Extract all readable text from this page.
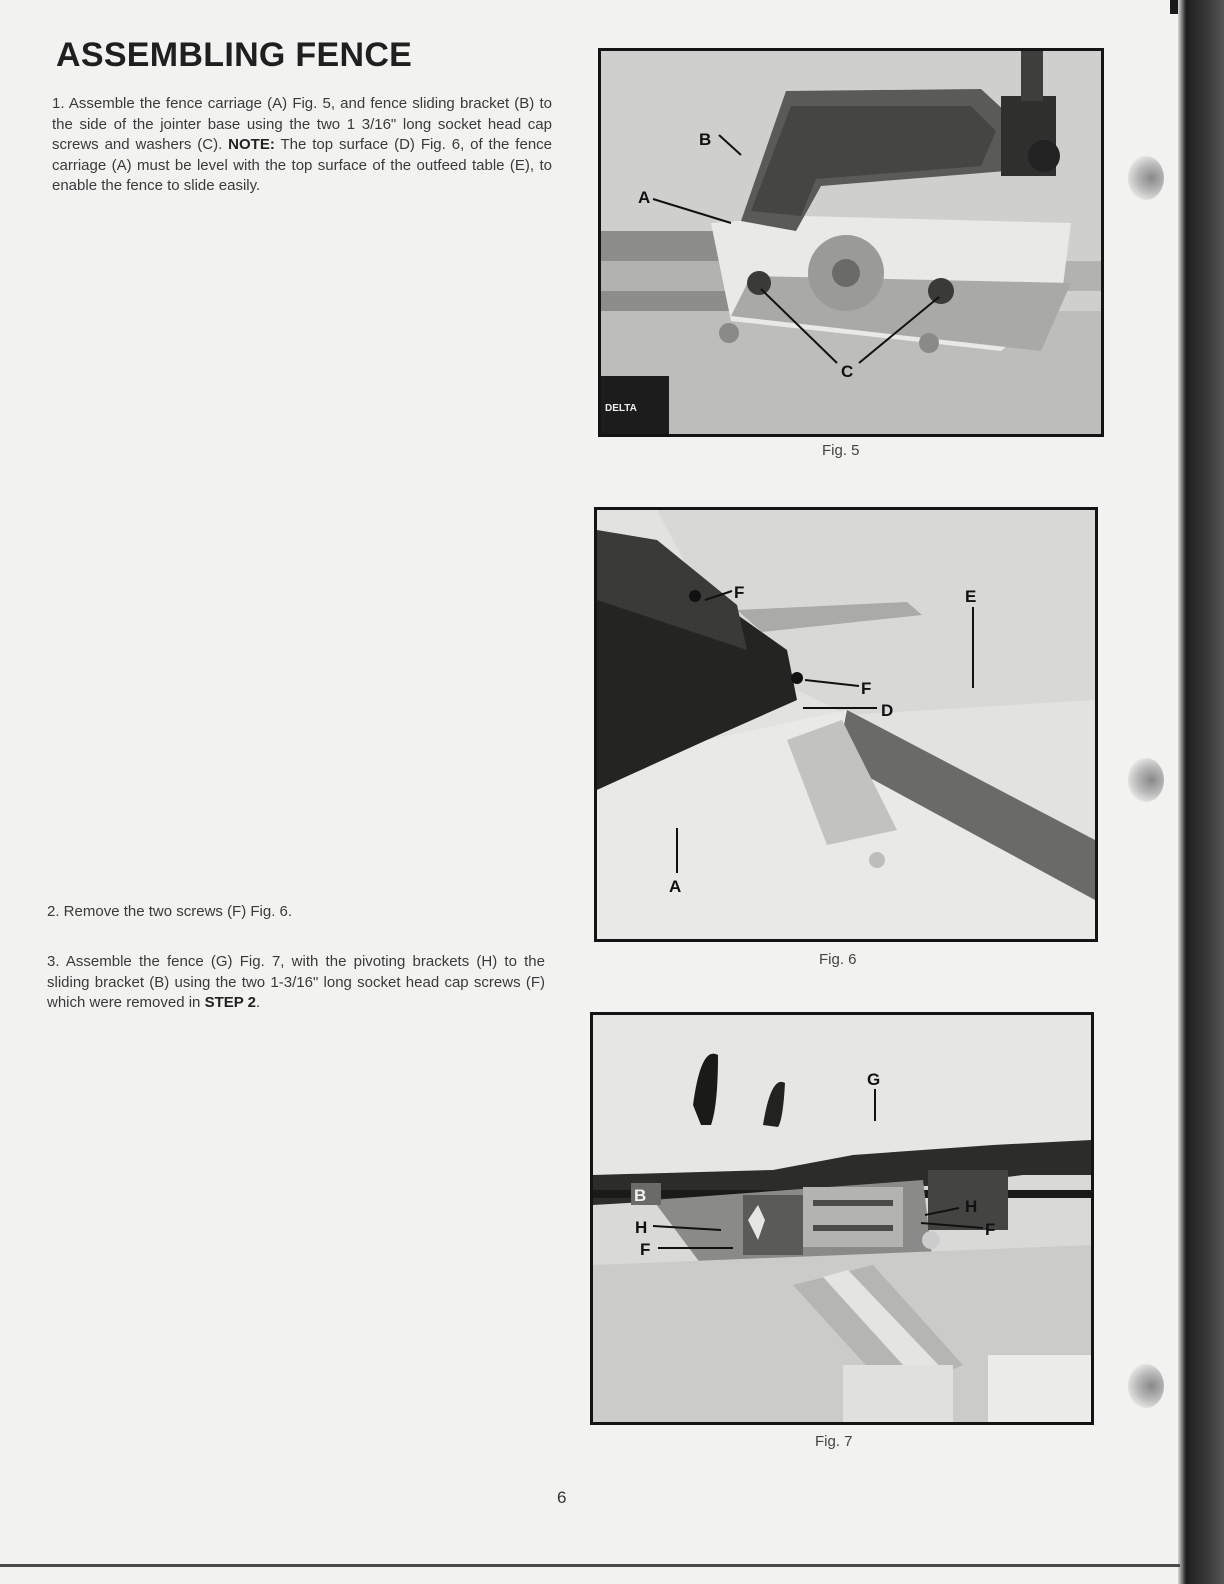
ASSEMBLING FENCE
1. Assemble the fence carriage (A) Fig. 5, and fence sliding bracket (B) to the side of the jointer base using the two 1 3/16" long socket head cap screws and washers (C). NOTE: The top surface (D) Fig. 6, of the fence carriage (A) must be level with the top surface of the outfeed table (E), to enable the fence to slide easily.
2. Remove the two screws (F) Fig. 6.
3. Assemble the fence (G) Fig. 7, with the pivoting brackets (H) to the sliding bracket (B) using the two 1-3/16" long socket head cap screws (F) which were removed in STEP 2.
DELTA
B
A
C
Fig. 5
F	E
F
D
A
Fig. 6
G
B
H
F
H
F
Fig. 7
6
